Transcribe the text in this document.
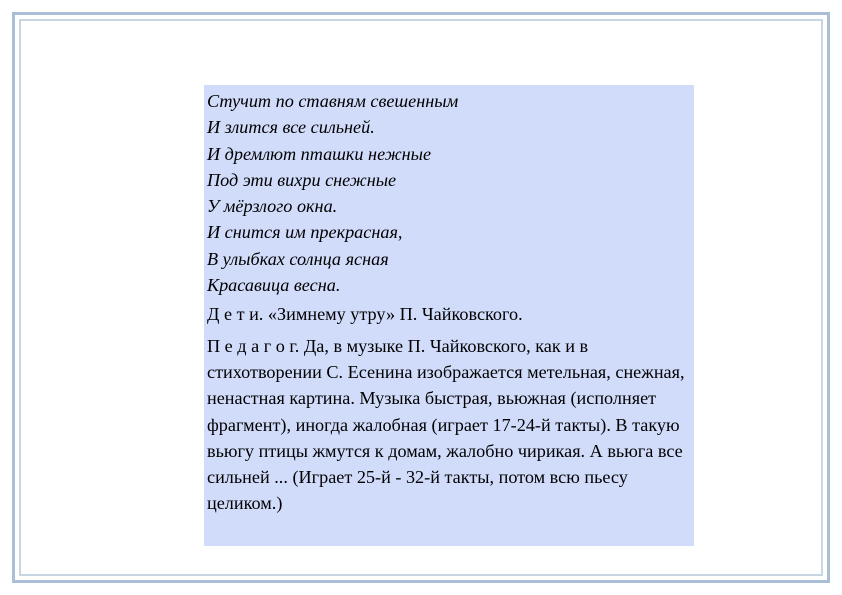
Стучит по ставням свешенным
И злится все сильней.
И дремлют пташки нежные
Под эти вихри снежные
У мёрзлого окна.
И снится им прекрасная,
В улыбках солнца ясная
Красавица весна.
Д е т и. «Зимнему утру» П. Чайковского.
П е д а г о г. Да, в музыке П. Чайковского, как и в стихотворении С. Есенина изображается метельная, снежная, ненастная картина. Музыка быстрая, вьюжная (исполняет фрагмент), иногда жалобная (играет 17-24-й такты). В такую вьюгу птицы жмутся к домам, жалобно чирикая. А вьюга все сильней ... (Играет 25-й - 32-й такты, потом всю пьесу целиком.)
